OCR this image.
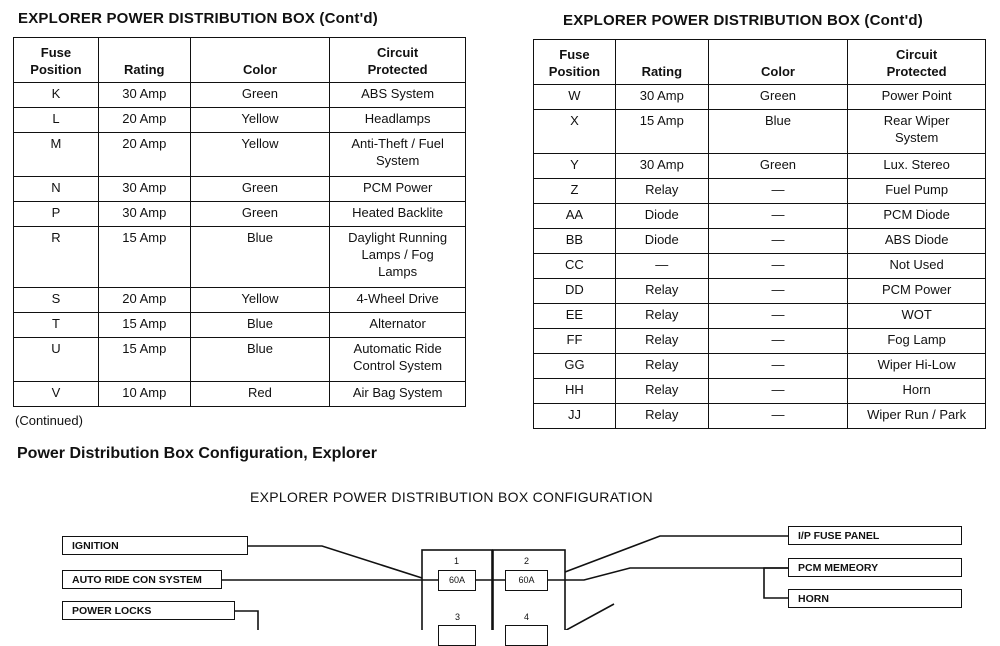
EXPLORER POWER DISTRIBUTION BOX (Cont'd)
Fuse
Position	Rating	Color	Circuit
Protected
K	30 Amp	Green	ABS System
L	20 Amp	Yellow	Headlamps
M	20 Amp	Yellow	Anti-Theft / Fuel
System
N	30 Amp	Green	PCM Power
P	30 Amp	Green	Heated Backlite
R	15 Amp	Blue	Daylight Running
Lamps / Fog
Lamps
S	20 Amp	Yellow	4-Wheel Drive
T	15 Amp	Blue	Alternator
U	15 Amp	Blue	Automatic Ride
Control System
V	10 Amp	Red	Air Bag System
(Continued)
EXPLORER POWER DISTRIBUTION BOX (Cont'd)
Fuse
Position	Rating	Color	Circuit
Protected
W	30 Amp	Green	Power Point
X	15 Amp	Blue	Rear Wiper
System
Y	30 Amp	Green	Lux. Stereo
Z	Relay	—	Fuel Pump
AA	Diode	—	PCM Diode
BB	Diode	—	ABS Diode
CC	—	—	Not Used
DD	Relay	—	PCM Power
EE	Relay	—	WOT
FF	Relay	—	Fog Lamp
GG	Relay	—	Wiper Hi-Low
HH	Relay	—	Horn
JJ	Relay	—	Wiper Run / Park
Power Distribution Box Configuration, Explorer
EXPLORER POWER DISTRIBUTION BOX CONFIGURATION
IGNITION
AUTO RIDE CON SYSTEM
POWER LOCKS
I/P FUSE PANEL
PCM MEMEORY
HORN
1	2
60A	60A
3	4
